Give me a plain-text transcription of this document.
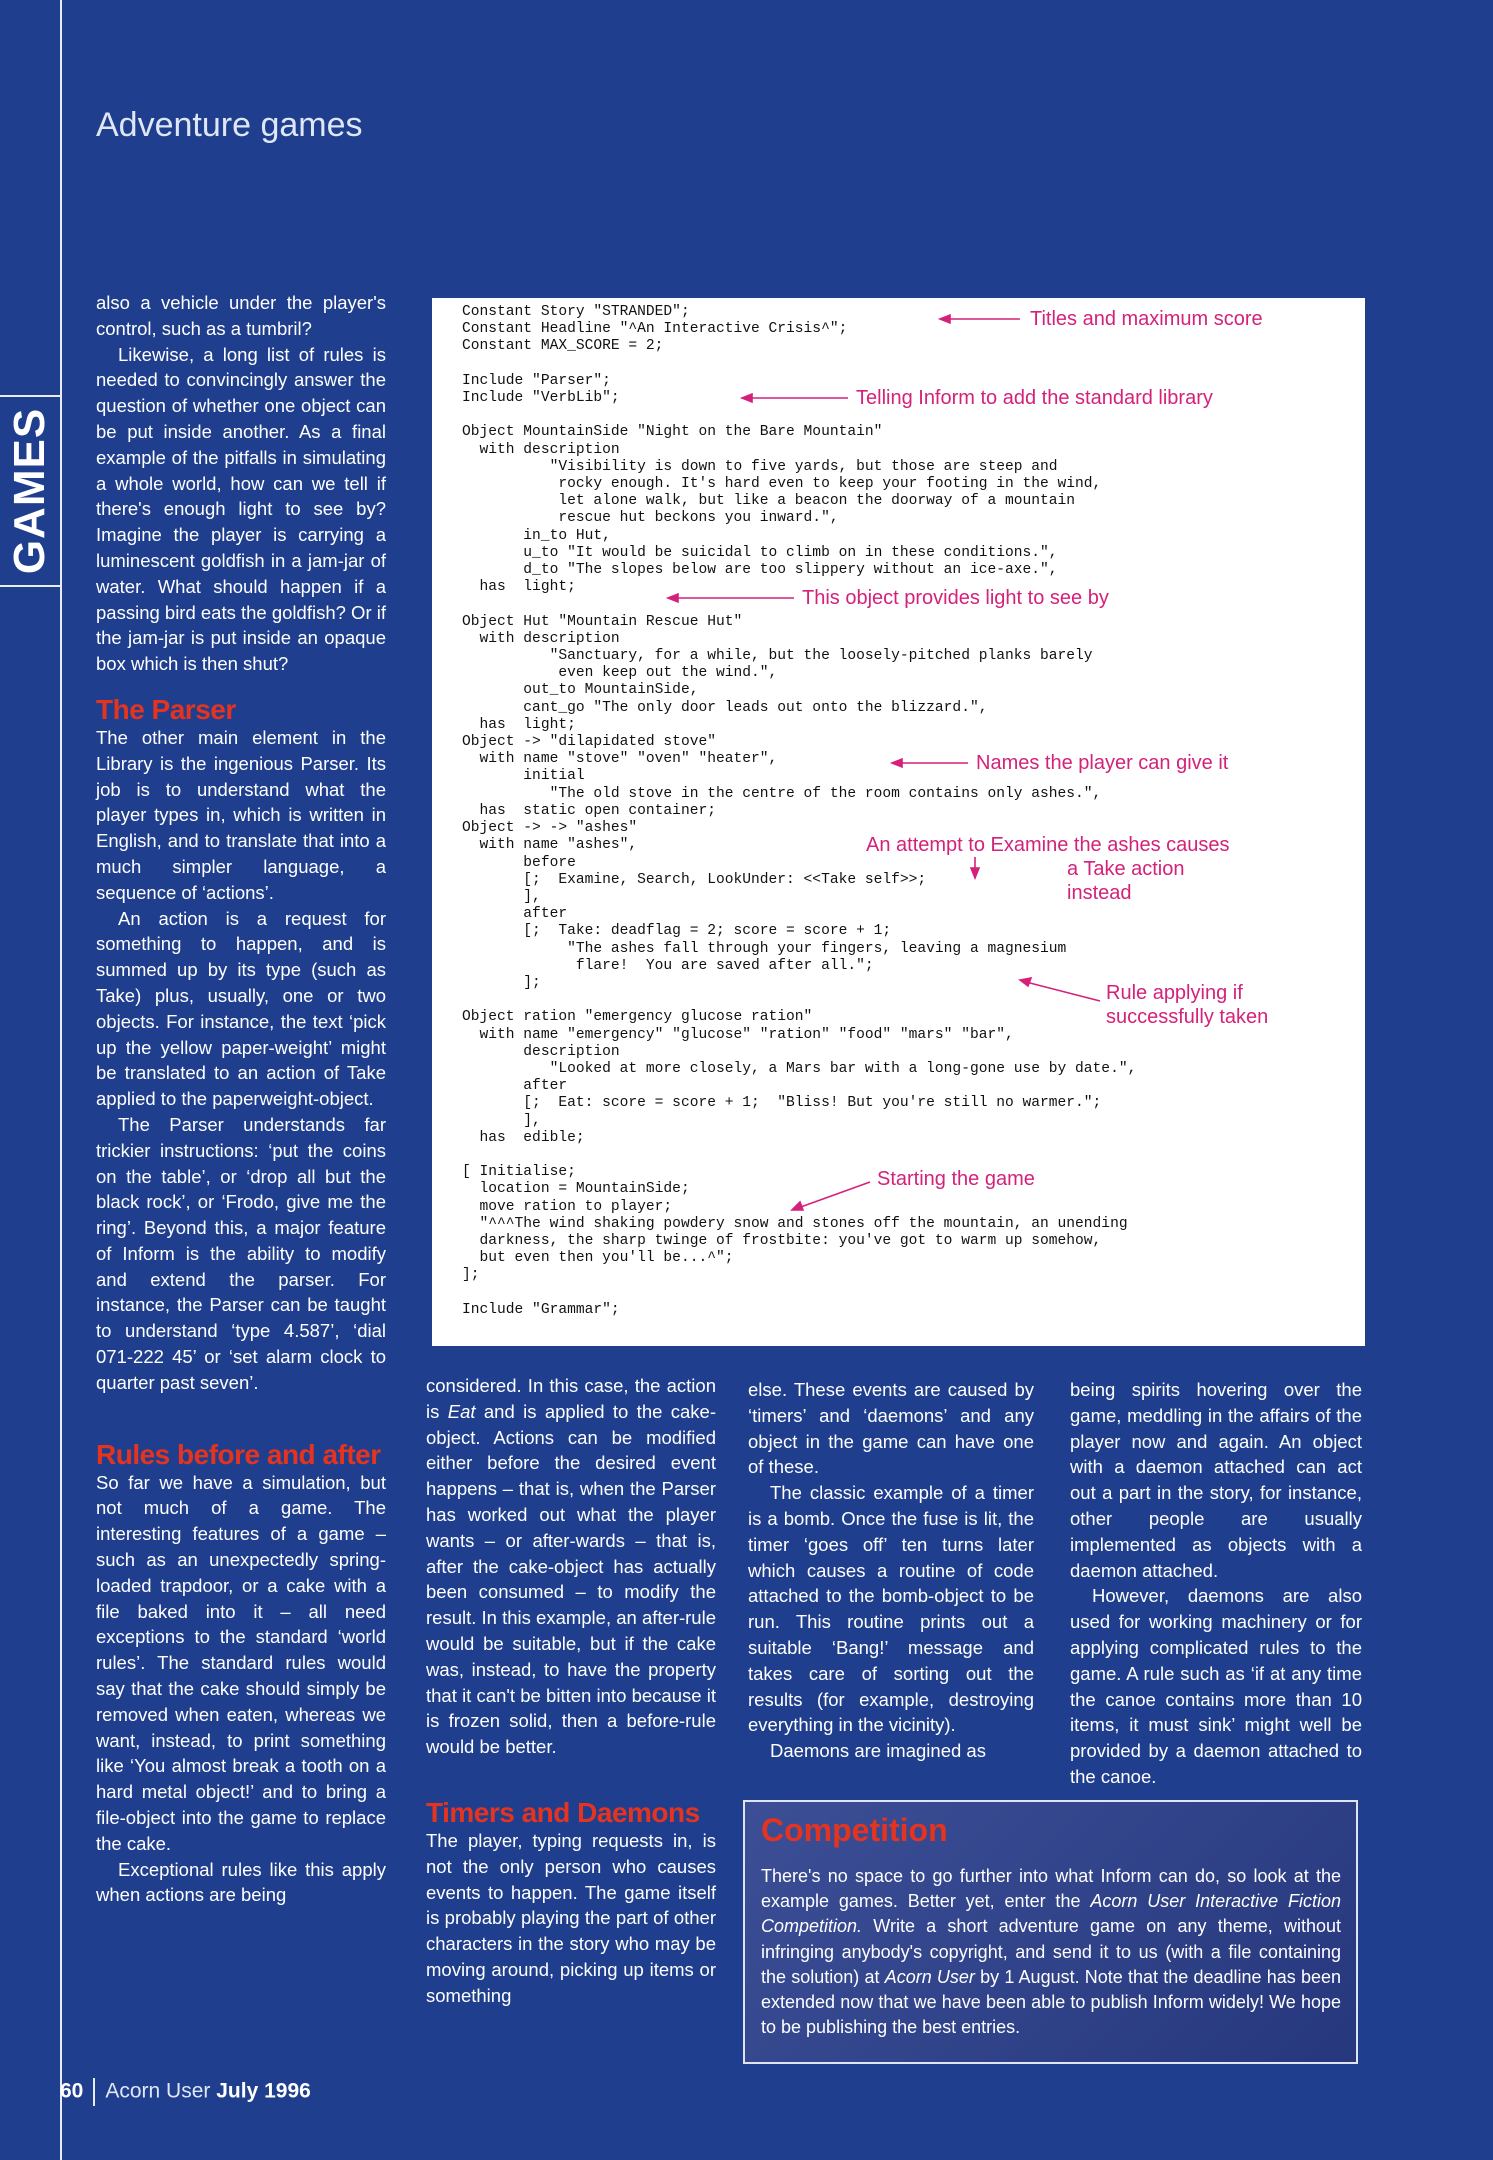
GAMES
Adventure games

also a vehicle under the player's control, such as a tumbril?

Likewise, a long list of rules is needed to convincingly answer the question of whether one object can be put inside another. As a final example of the pitfalls in simulating a whole world, how can we tell if there's enough light to see by? Imagine the player is carrying a luminescent goldfish in a jam-jar of water. What should happen if a passing bird eats the goldfish? Or if the jam-jar is put inside an opaque box which is then shut?

The Parser

The other main element in the Library is the ingenious Parser. Its job is to understand what the player types in, which is written in English, and to translate that into a much simpler language, a sequence of ‘actions’.

An action is a request for something to happen, and is summed up by its type (such as Take) plus, usually, one or two objects. For instance, the text ‘pick up the yellow paper-weight’ might be translated to an action of Take applied to the paperweight-object.

The Parser understands far trickier instructions: ‘put the coins on the table’, or ‘drop all but the black rock’, or ‘Frodo, give me the ring’. Beyond this, a major feature of Inform is the ability to modify and extend the parser. For instance, the Parser can be taught to understand ‘type 4.587’, ‘dial 071-222 45’ or ‘set alarm clock to quarter past seven’.

Rules before and after

So far we have a simulation, but not much of a game. The interesting features of a game – such as an unexpectedly spring-loaded trapdoor, or a cake with a file baked into it – all need exceptions to the standard ‘world rules’. The standard rules would say that the cake should simply be removed when eaten, whereas we want, instead, to print something like ‘You almost break a tooth on a hard metal object!’ and to bring a file-object into the game to replace the cake.

Exceptional rules like this apply when actions are being

Constant Story "STRANDED";
Constant Headline "^An Interactive Crisis^";
Constant MAX_SCORE = 2;

Include "Parser";
Include "VerbLib";

Object MountainSide "Night on the Bare Mountain"
with description
"Visibility is down to five yards, but those are steep and
rocky enough. It's hard even to keep your footing in the wind,
let alone walk, but like a beacon the doorway of a mountain
rescue hut beckons you inward.",
in_to Hut,
u_to "It would be suicidal to climb on in these conditions.",
d_to "The slopes below are too slippery without an ice-axe.",
has  light;

Object Hut "Mountain Rescue Hut"
with description
"Sanctuary, for a while, but the loosely-pitched planks barely
even keep out the wind.",
out_to MountainSide,
cant_go "The only door leads out onto the blizzard.",
has  light;
Object -> "dilapidated stove"
with name "stove" "oven" "heater",
initial
"The old stove in the centre of the room contains only ashes.",
has  static open container;
Object -> -> "ashes"
with name "ashes",
before
[;  Examine, Search, LookUnder: <<Take self>>;
],
after
[;  Take: deadflag = 2; score = score + 1;
"The ashes fall through your fingers, leaving a magnesium
flare!  You are saved after all.";
];

Object ration "emergency glucose ration"
with name "emergency" "glucose" "ration" "food" "mars" "bar",
description
"Looked at more closely, a Mars bar with a long-gone use by date.",
after
[;  Eat: score = score + 1;  "Bliss! But you're still no warmer.";
],
has  edible;

[ Initialise;
location = MountainSide;
move ration to player;
"^^^The wind shaking powdery snow and stones off the mountain, an unending
darkness, the sharp twinge of frostbite: you've got to warm up somehow,
but even then you'll be...^";
];

Include "Grammar";
Titles and maximum score
Telling Inform to add the standard library
This object provides light to see by
Names the player can give it
An attempt to Examine the ashes causes
a Take action
instead
Rule applying if
successfully taken
Starting the game

considered. In this case, the action is Eat and is applied to the cake-object. Actions can be modified either before the desired event happens – that is, when the Parser has worked out what the player wants – or after-wards – that is, after the cake-object has actually been consumed – to modify the result. In this example, an after-rule would be suitable, but if the cake was, instead, to have the property that it can't be bitten into because it is frozen solid, then a before-rule would be better.

Timers and Daemons

The player, typing requests in, is not the only person who causes events to happen. The game itself is probably playing the part of other characters in the story who may be moving around, picking up items or something

else. These events are caused by ‘timers’ and ‘daemons’ and any object in the game can have one of these.

The classic example of a timer is a bomb. Once the fuse is lit, the timer ‘goes off’ ten turns later which causes a routine of code attached to the bomb-object to be run. This routine prints out a suitable ‘Bang!’ message and takes care of sorting out the results (for example, destroying everything in the vicinity).

Daemons are imagined as

being spirits hovering over the game, meddling in the affairs of the player now and again. An object with a daemon attached can act out a part in the story, for instance, other people are usually implemented as objects with a daemon attached.

However, daemons are also used for working machinery or for applying complicated rules to the game. A rule such as ‘if at any time the canoe contains more than 10 items, it must sink’ might well be provided by a daemon attached to the canoe.

Competition

There's no space to go further into what Inform can do, so look at the example games. Better yet, enter the Acorn User Interactive Fiction Competition. Write a short adventure game on any theme, without infringing anybody's copyright, and send it to us (with a file containing the solution) at Acorn User by 1 August. Note that the deadline has been extended now that we have been able to publish Inform widely! We hope to be publishing the best entries.

60 Acorn User July 1996
